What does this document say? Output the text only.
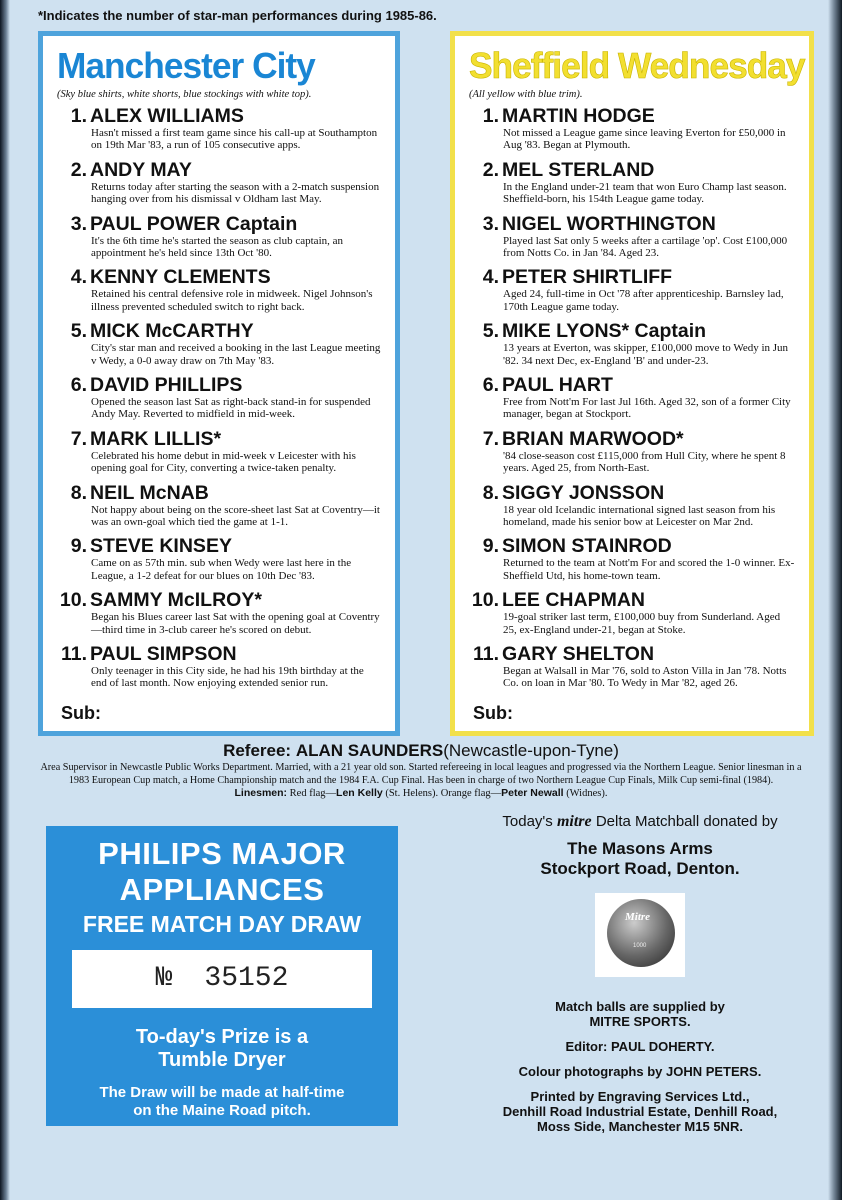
*Indicates the number of star-man performances during 1985-86.
Manchester City
(Sky blue shirts, white shorts, blue stockings with white top).
1. ALEX WILLIAMS
Hasn't missed a first team game since his call-up at Southampton on 19th Mar '83, a run of 105 consecutive apps.
2. ANDY MAY
Returns today after starting the season with a 2-match suspension hanging over from his dismissal v Oldham last May.
3. PAUL POWER Captain
It's the 6th time he's started the season as club captain, an appointment he's held since 13th Oct '80.
4. KENNY CLEMENTS
Retained his central defensive role in midweek. Nigel Johnson's illness prevented scheduled switch to right back.
5. MICK McCARTHY
City's star man and received a booking in the last League meeting v Wedy, a 0-0 away draw on 7th May '83.
6. DAVID PHILLIPS
Opened the season last Sat as right-back stand-in for suspended Andy May. Reverted to midfield in mid-week.
7. MARK LILLIS*
Celebrated his home debut in mid-week v Leicester with his opening goal for City, converting a twice-taken penalty.
8. NEIL McNAB
Not happy about being on the score-sheet last Sat at Coventry—it was an own-goal which tied the game at 1-1.
9. STEVE KINSEY
Came on as 57th min. sub when Wedy were last here in the League, a 1-2 defeat for our blues on 10th Dec '83.
10. SAMMY McILROY*
Began his Blues career last Sat with the opening goal at Coventry—third time in 3-club career he's scored on debut.
11. PAUL SIMPSON
Only teenager in this City side, he had his 19th birthday at the end of last month. Now enjoying extended senior run.
Sub:
Sheffield Wednesday
(All yellow with blue trim).
1. MARTIN HODGE
Not missed a League game since leaving Everton for £50,000 in Aug '83. Began at Plymouth.
2. MEL STERLAND
In the England under-21 team that won Euro Champ last season. Sheffield-born, his 154th League game today.
3. NIGEL WORTHINGTON
Played last Sat only 5 weeks after a cartilage 'op'. Cost £100,000 from Notts Co. in Jan '84. Aged 23.
4. PETER SHIRTLIFF
Aged 24, full-time in Oct '78 after apprenticeship. Barnsley lad, 170th League game today.
5. MIKE LYONS* Captain
13 years at Everton, was skipper, £100,000 move to Wedy in Jun '82. 34 next Dec, ex-England 'B' and under-23.
6. PAUL HART
Free from Nott'm For last Jul 16th. Aged 32, son of a former City manager, began at Stockport.
7. BRIAN MARWOOD*
'84 close-season cost £115,000 from Hull City, where he spent 8 years. Aged 25, from North-East.
8. SIGGY JONSSON
18 year old Icelandic international signed last season from his homeland, made his senior bow at Leicester on Mar 2nd.
9. SIMON STAINROD
Returned to the team at Nott'm For and scored the 1-0 winner. Ex-Sheffield Utd, his home-town team.
10. LEE CHAPMAN
19-goal striker last term, £100,000 buy from Sunderland. Aged 25, ex-England under-21, began at Stoke.
11. GARY SHELTON
Began at Walsall in Mar '76, sold to Aston Villa in Jan '78. Notts Co. on loan in Mar '80. To Wedy in Mar '82, aged 26.
Sub:
Referee: ALAN SAUNDERS(Newcastle-upon-Tyne)
Area Supervisor in Newcastle Public Works Department. Married, with a 21 year old son. Started refereeing in local leagues and progressed via the Northern League. Senior linesman in a 1983 European Cup match, a Home Championship match and the 1984 F.A. Cup Final. Has been in charge of two Northern League Cup Finals, Milk Cup semi-final (1984).
Linesmen: Red flag—Len Kelly (St. Helens). Orange flag—Peter Newall (Widnes).
PHILIPS MAJOR
APPLIANCES
FREE MATCH DAY DRAW
№ 35152
To-day's Prize is a
Tumble Dryer
The Draw will be made at half-time
on the Maine Road pitch.
Today's mitre Delta Matchball donated by
The Masons Arms
Stockport Road, Denton.
Mitre
1000
Match balls are supplied by
MITRE SPORTS.
Editor: PAUL DOHERTY.
Colour photographs by JOHN PETERS.
Printed by Engraving Services Ltd.,
Denhill Road Industrial Estate, Denhill Road,
Moss Side, Manchester M15 5NR.
